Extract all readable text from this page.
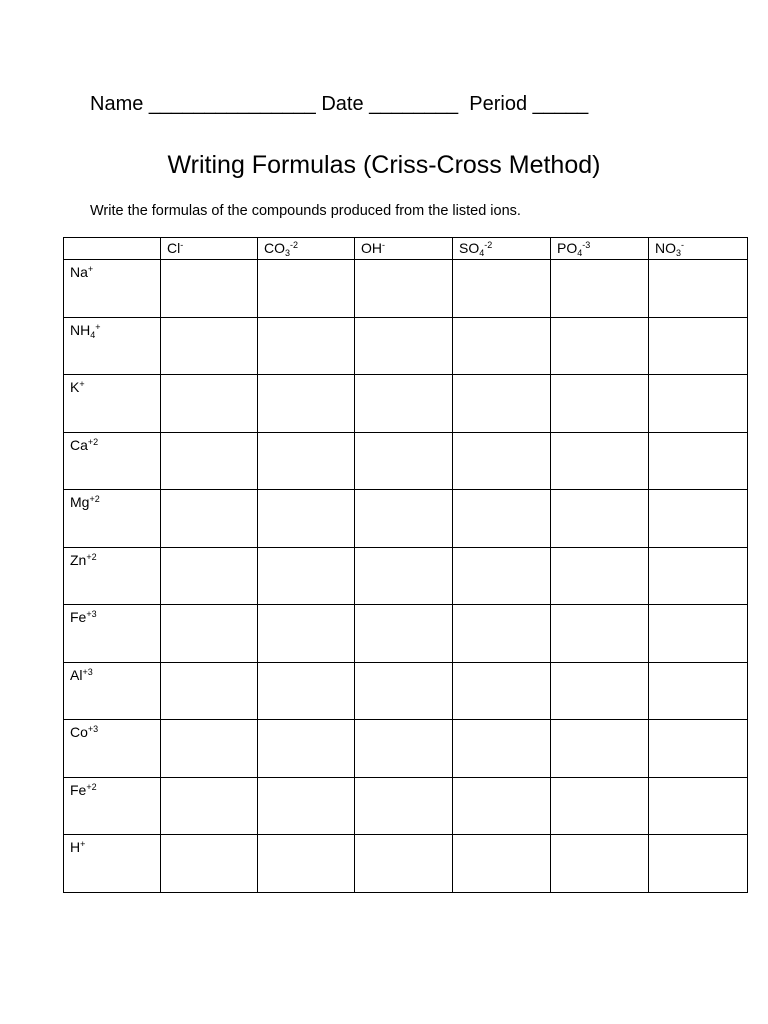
Name _______________ Date ________ Period _____
Writing Formulas (Criss-Cross Method)
Write the formulas of the compounds produced from the listed ions.
	Cl-	$CO_3^{-2}$	OH-	$SO_4^{-2}$	$PO_4^{-3}$	$NO_3^-$
Na+						
$NH_4^+$						
K+						
$Ca^{+2}$						
$Mg^{+2}$						
$Zn^{+2}$						
$Fe^{+3}$						
$Al^{+3}$						
$Co^{+3}$						
$Fe^{+2}$						
H+						
